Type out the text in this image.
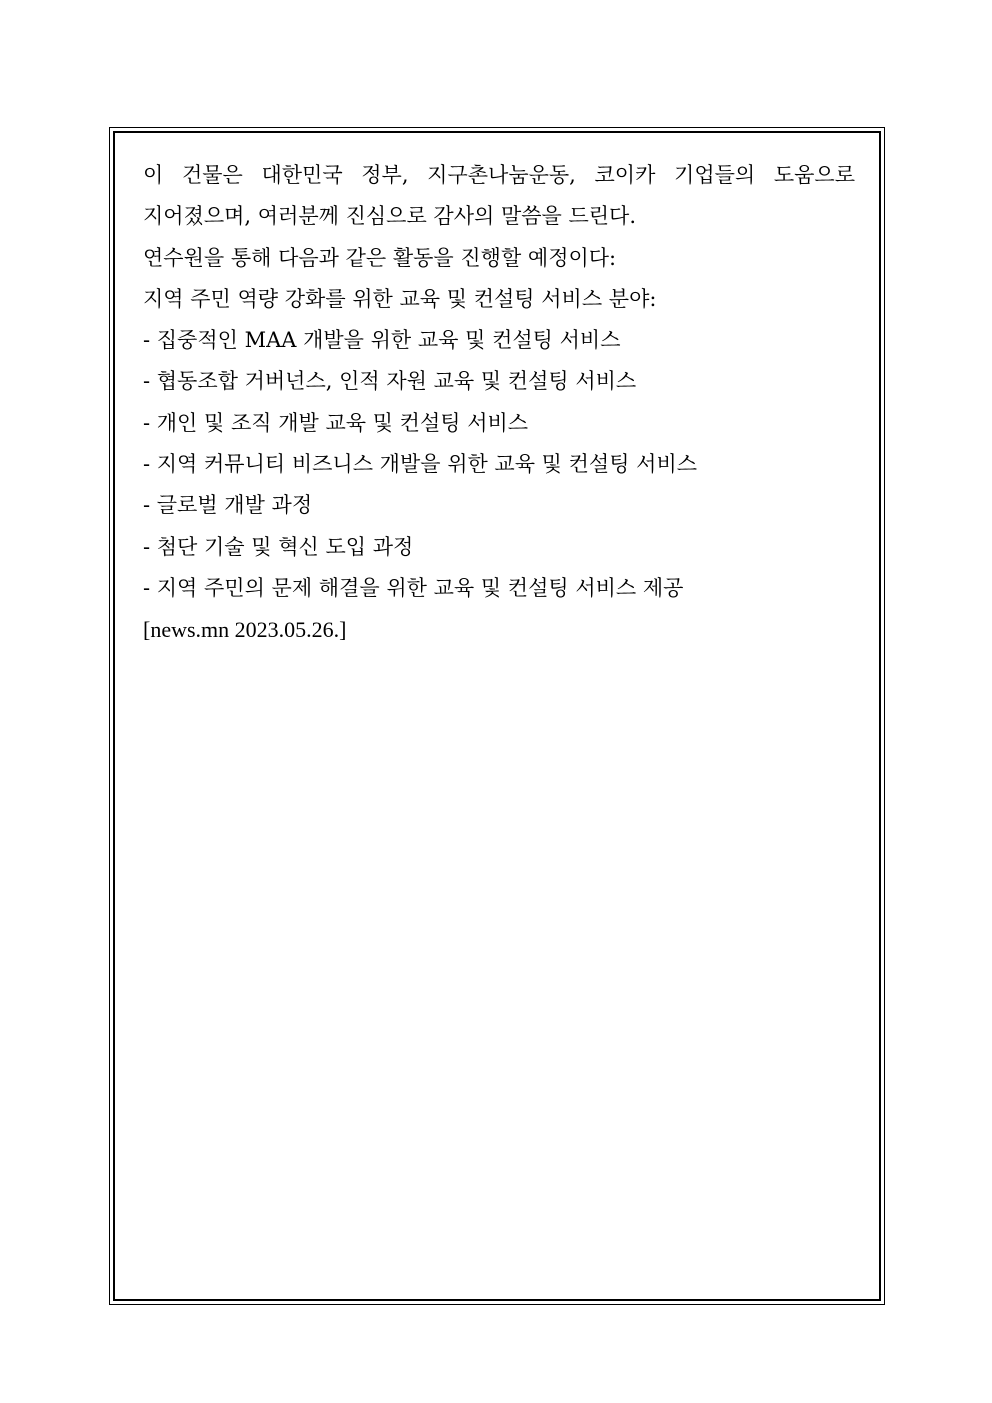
이 건물은 대한민국 정부, 지구촌나눔운동, 코이카 기업들의 도움으로
지어졌으며, 여러분께 진심으로 감사의 말씀을 드린다.
연수원을 통해 다음과 같은 활동을 진행할 예정이다:
지역 주민 역량 강화를 위한 교육 및 컨설팅 서비스 분야:
- 집중적인 MAA 개발을 위한 교육 및 컨설팅 서비스
- 협동조합 거버넌스, 인적 자원 교육 및 컨설팅 서비스
- 개인 및 조직 개발 교육 및 컨설팅 서비스
- 지역 커뮤니티 비즈니스 개발을 위한 교육 및 컨설팅 서비스
- 글로벌 개발 과정
- 첨단 기술 및 혁신 도입 과정
- 지역 주민의 문제 해결을 위한 교육 및 컨설팅 서비스 제공
[news.mn 2023.05.26.]
